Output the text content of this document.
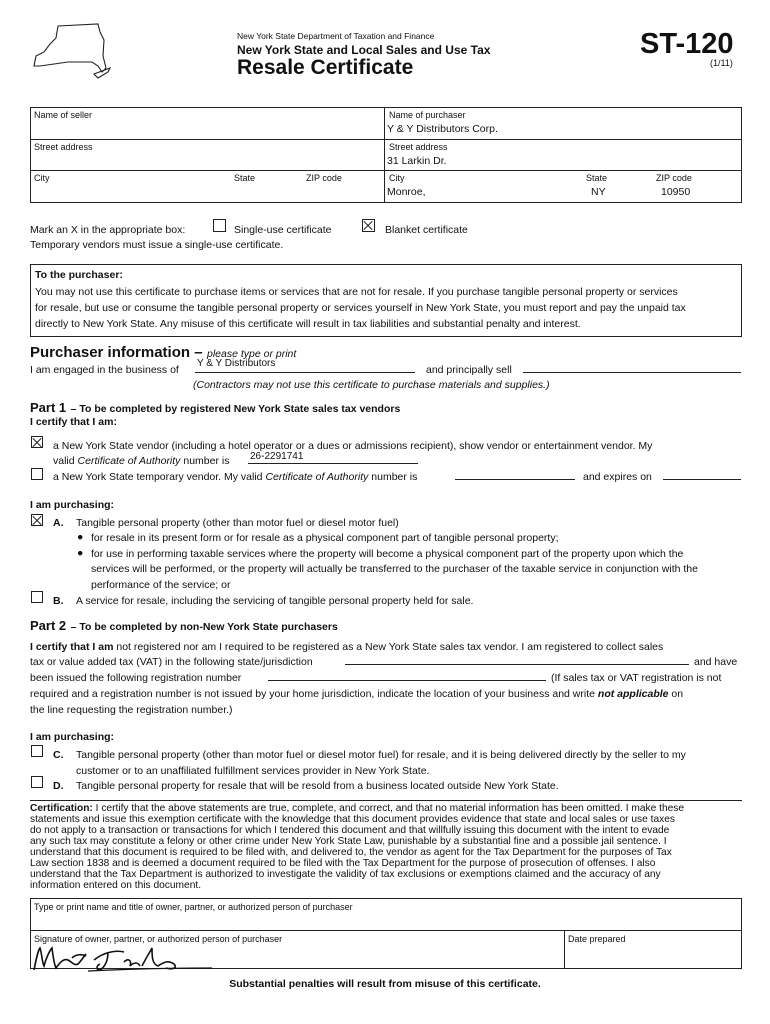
New York State Department of Taxation and Finance
New York State and Local Sales and Use Tax
Resale Certificate
ST-120
(1/11)
Name of seller
Street address
City	State	ZIP code
Name of purchaser
Y & Y Distributors Corp.
Street address
31 Larkin Dr.
City
Monroe,
State
NY
ZIP code
10950
Mark an X in the appropriate box:	Single-use certificate	Blanket certificate
Temporary vendors must issue a single-use certificate.
To the purchaser:
You may not use this certificate to purchase items or services that are not for resale. If you purchase tangible personal property or services
for resale, but use or consume the tangible personal property or services yourself in New York State, you must report and pay the unpaid tax
directly to New York State. Any misuse of this certificate will result in tax liabilities and substantial penalty and interest.
Purchaser information – please type or print
I am engaged in the business of
Y & Y Distributors
and principally sell
(Contractors may not use this certificate to purchase materials and supplies.)
Part 1 – To be completed by registered New York State sales tax vendors
I certify that I am:
a New York State vendor (including a hotel operator or a dues or admissions recipient), show vendor or entertainment vendor. My
valid Certificate of Authority number is 26-2291741
a New York State temporary vendor. My valid Certificate of Authority number is	and expires on
I am purchasing:
A. Tangible personal property (other than motor fuel or diesel motor fuel)
● for resale in its present form or for resale as a physical component part of tangible personal property;
● for use in performing taxable services where the property will become a physical component part of the property upon which the
services will be performed, or the property will actually be transferred to the purchaser of the taxable service in conjunction with the
performance of the service; or
B. A service for resale, including the servicing of tangible personal property held for sale.
Part 2 – To be completed by non-New York State purchasers
I certify that I am not registered nor am I required to be registered as a New York State sales tax vendor. I am registered to collect sales
tax or value added tax (VAT) in the following state/jurisdiction	and have
been issued the following registration number	(If sales tax or VAT registration is not
required and a registration number is not issued by your home jurisdiction, indicate the location of your business and write not applicable on
the line requesting the registration number.)
I am purchasing:
C. Tangible personal property (other than motor fuel or diesel motor fuel) for resale, and it is being delivered directly by the seller to my
customer or to an unaffiliated fulfillment services provider in New York State.
D. Tangible personal property for resale that will be resold from a business located outside New York State.
Certification: I certify that the above statements are true, complete, and correct, and that no material information has been omitted. I make these
statements and issue this exemption certificate with the knowledge that this document provides evidence that state and local sales or use taxes
do not apply to a transaction or transactions for which I tendered this document and that willfully issuing this document with the intent to evade
any such tax may constitute a felony or other crime under New York State Law, punishable by a substantial fine and a possible jail sentence. I
understand that this document is required to be filed with, and delivered to, the vendor as agent for the Tax Department for the purposes of Tax
Law section 1838 and is deemed a document required to be filed with the Tax Department for the purpose of prosecution of offenses. I also
understand that the Tax Department is authorized to investigate the validity of tax exclusions or exemptions claimed and the accuracy of any
information entered on this document.
Type or print name and title of owner, partner, or authorized person of purchaser
Signature of owner, partner, or authorized person of purchaser	Date prepared
Substantial penalties will result from misuse of this certificate.
